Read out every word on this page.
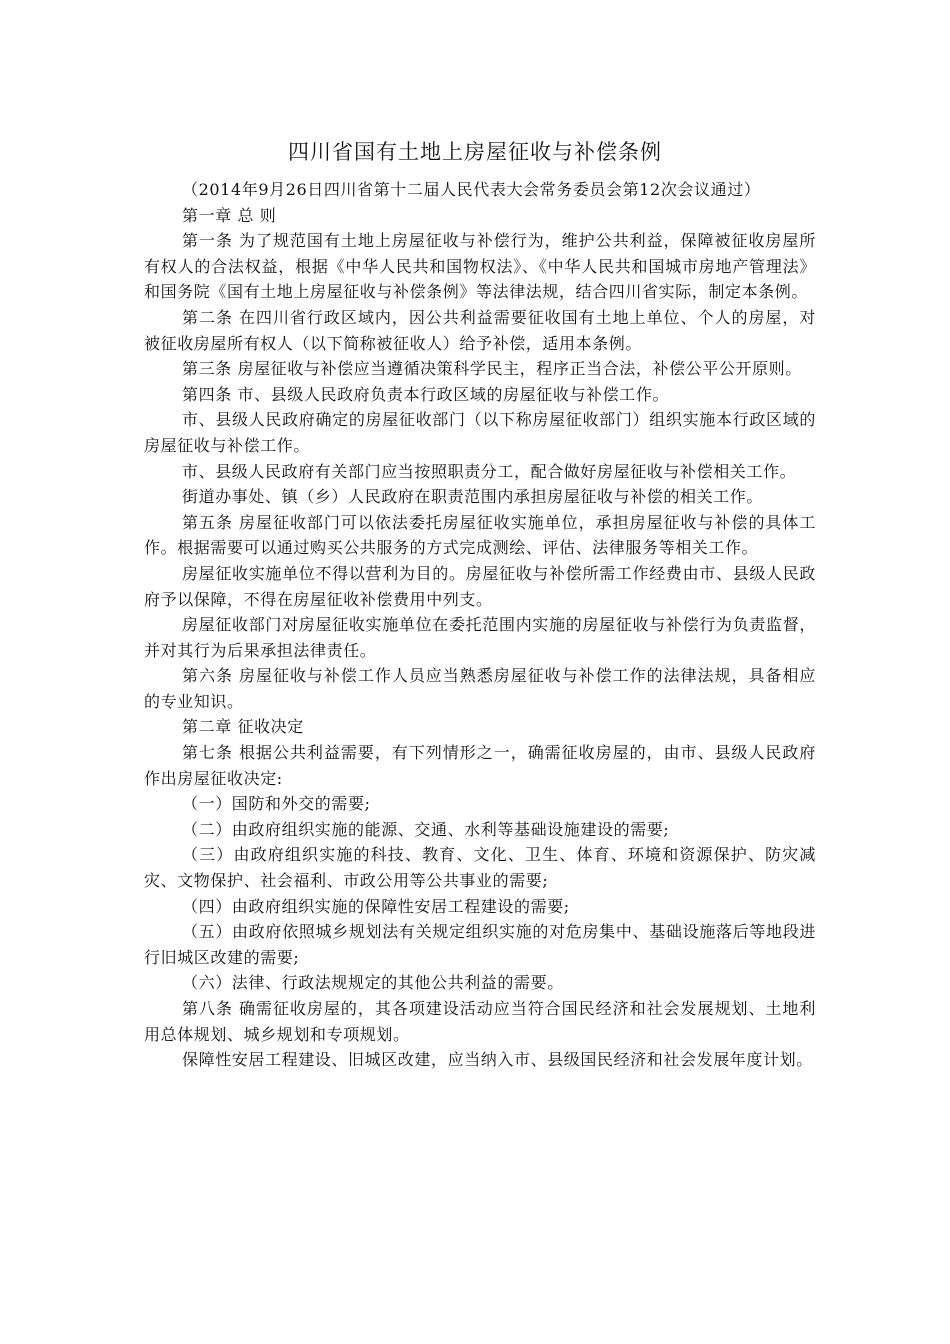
四川省国有土地上房屋征收与补偿条例

（2014年9月26日四川省第十二届人民代表大会常务委员会第12次会议通过）

第一章 总 则

第一条 为了规范国有土地上房屋征收与补偿行为，维护公共利益，保障被征收房屋所有权人的合法权益，根据《中华人民共和国物权法》、《中华人民共和国城市房地产管理法》和国务院《国有土地上房屋征收与补偿条例》等法律法规，结合四川省实际，制定本条例。

第二条 在四川省行政区域内，因公共利益需要征收国有土地上单位、个人的房屋，对被征收房屋所有权人（以下简称被征收人）给予补偿，适用本条例。

第三条 房屋征收与补偿应当遵循决策科学民主，程序正当合法，补偿公平公开原则。

第四条 市、县级人民政府负责本行政区域的房屋征收与补偿工作。

市、县级人民政府确定的房屋征收部门（以下称房屋征收部门）组织实施本行政区域的房屋征收与补偿工作。

市、县级人民政府有关部门应当按照职责分工，配合做好房屋征收与补偿相关工作。

街道办事处、镇（乡）人民政府在职责范围内承担房屋征收与补偿的相关工作。

第五条 房屋征收部门可以依法委托房屋征收实施单位，承担房屋征收与补偿的具体工作。根据需要可以通过购买公共服务的方式完成测绘、评估、法律服务等相关工作。

房屋征收实施单位不得以营利为目的。房屋征收与补偿所需工作经费由市、县级人民政府予以保障，不得在房屋征收补偿费用中列支。

房屋征收部门对房屋征收实施单位在委托范围内实施的房屋征收与补偿行为负责监督，并对其行为后果承担法律责任。

第六条 房屋征收与补偿工作人员应当熟悉房屋征收与补偿工作的法律法规，具备相应的专业知识。

第二章 征收决定

第七条 根据公共利益需要，有下列情形之一，确需征收房屋的，由市、县级人民政府作出房屋征收决定:

（一）国防和外交的需要;

（二）由政府组织实施的能源、交通、水利等基础设施建设的需要;

（三）由政府组织实施的科技、教育、文化、卫生、体育、环境和资源保护、防灾减灾、文物保护、社会福利、市政公用等公共事业的需要;

（四）由政府组织实施的保障性安居工程建设的需要;

（五）由政府依照城乡规划法有关规定组织实施的对危房集中、基础设施落后等地段进行旧城区改建的需要;

（六）法律、行政法规规定的其他公共利益的需要。

第八条 确需征收房屋的，其各项建设活动应当符合国民经济和社会发展规划、土地利用总体规划、城乡规划和专项规划。

保障性安居工程建设、旧城区改建，应当纳入市、县级国民经济和社会发展年度计划。
